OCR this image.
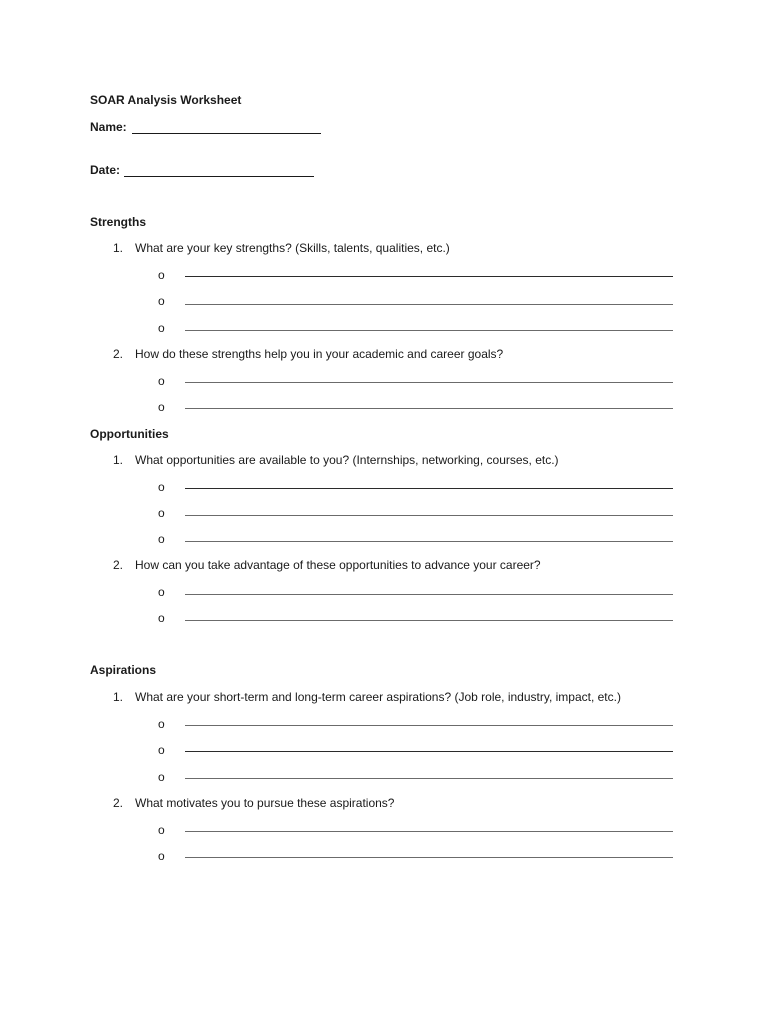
SOAR Analysis Worksheet
Name:
Date:
Strengths
1. What are your key strengths? (Skills, talents, qualities, etc.)
o
o
o
2. How do these strengths help you in your academic and career goals?
o
o
Opportunities
1. What opportunities are available to you? (Internships, networking, courses, etc.)
o
o
o
2. How can you take advantage of these opportunities to advance your career?
o
o
Aspirations
1. What are your short-term and long-term career aspirations? (Job role, industry, impact, etc.)
o
o
o
2. What motivates you to pursue these aspirations?
o
o
